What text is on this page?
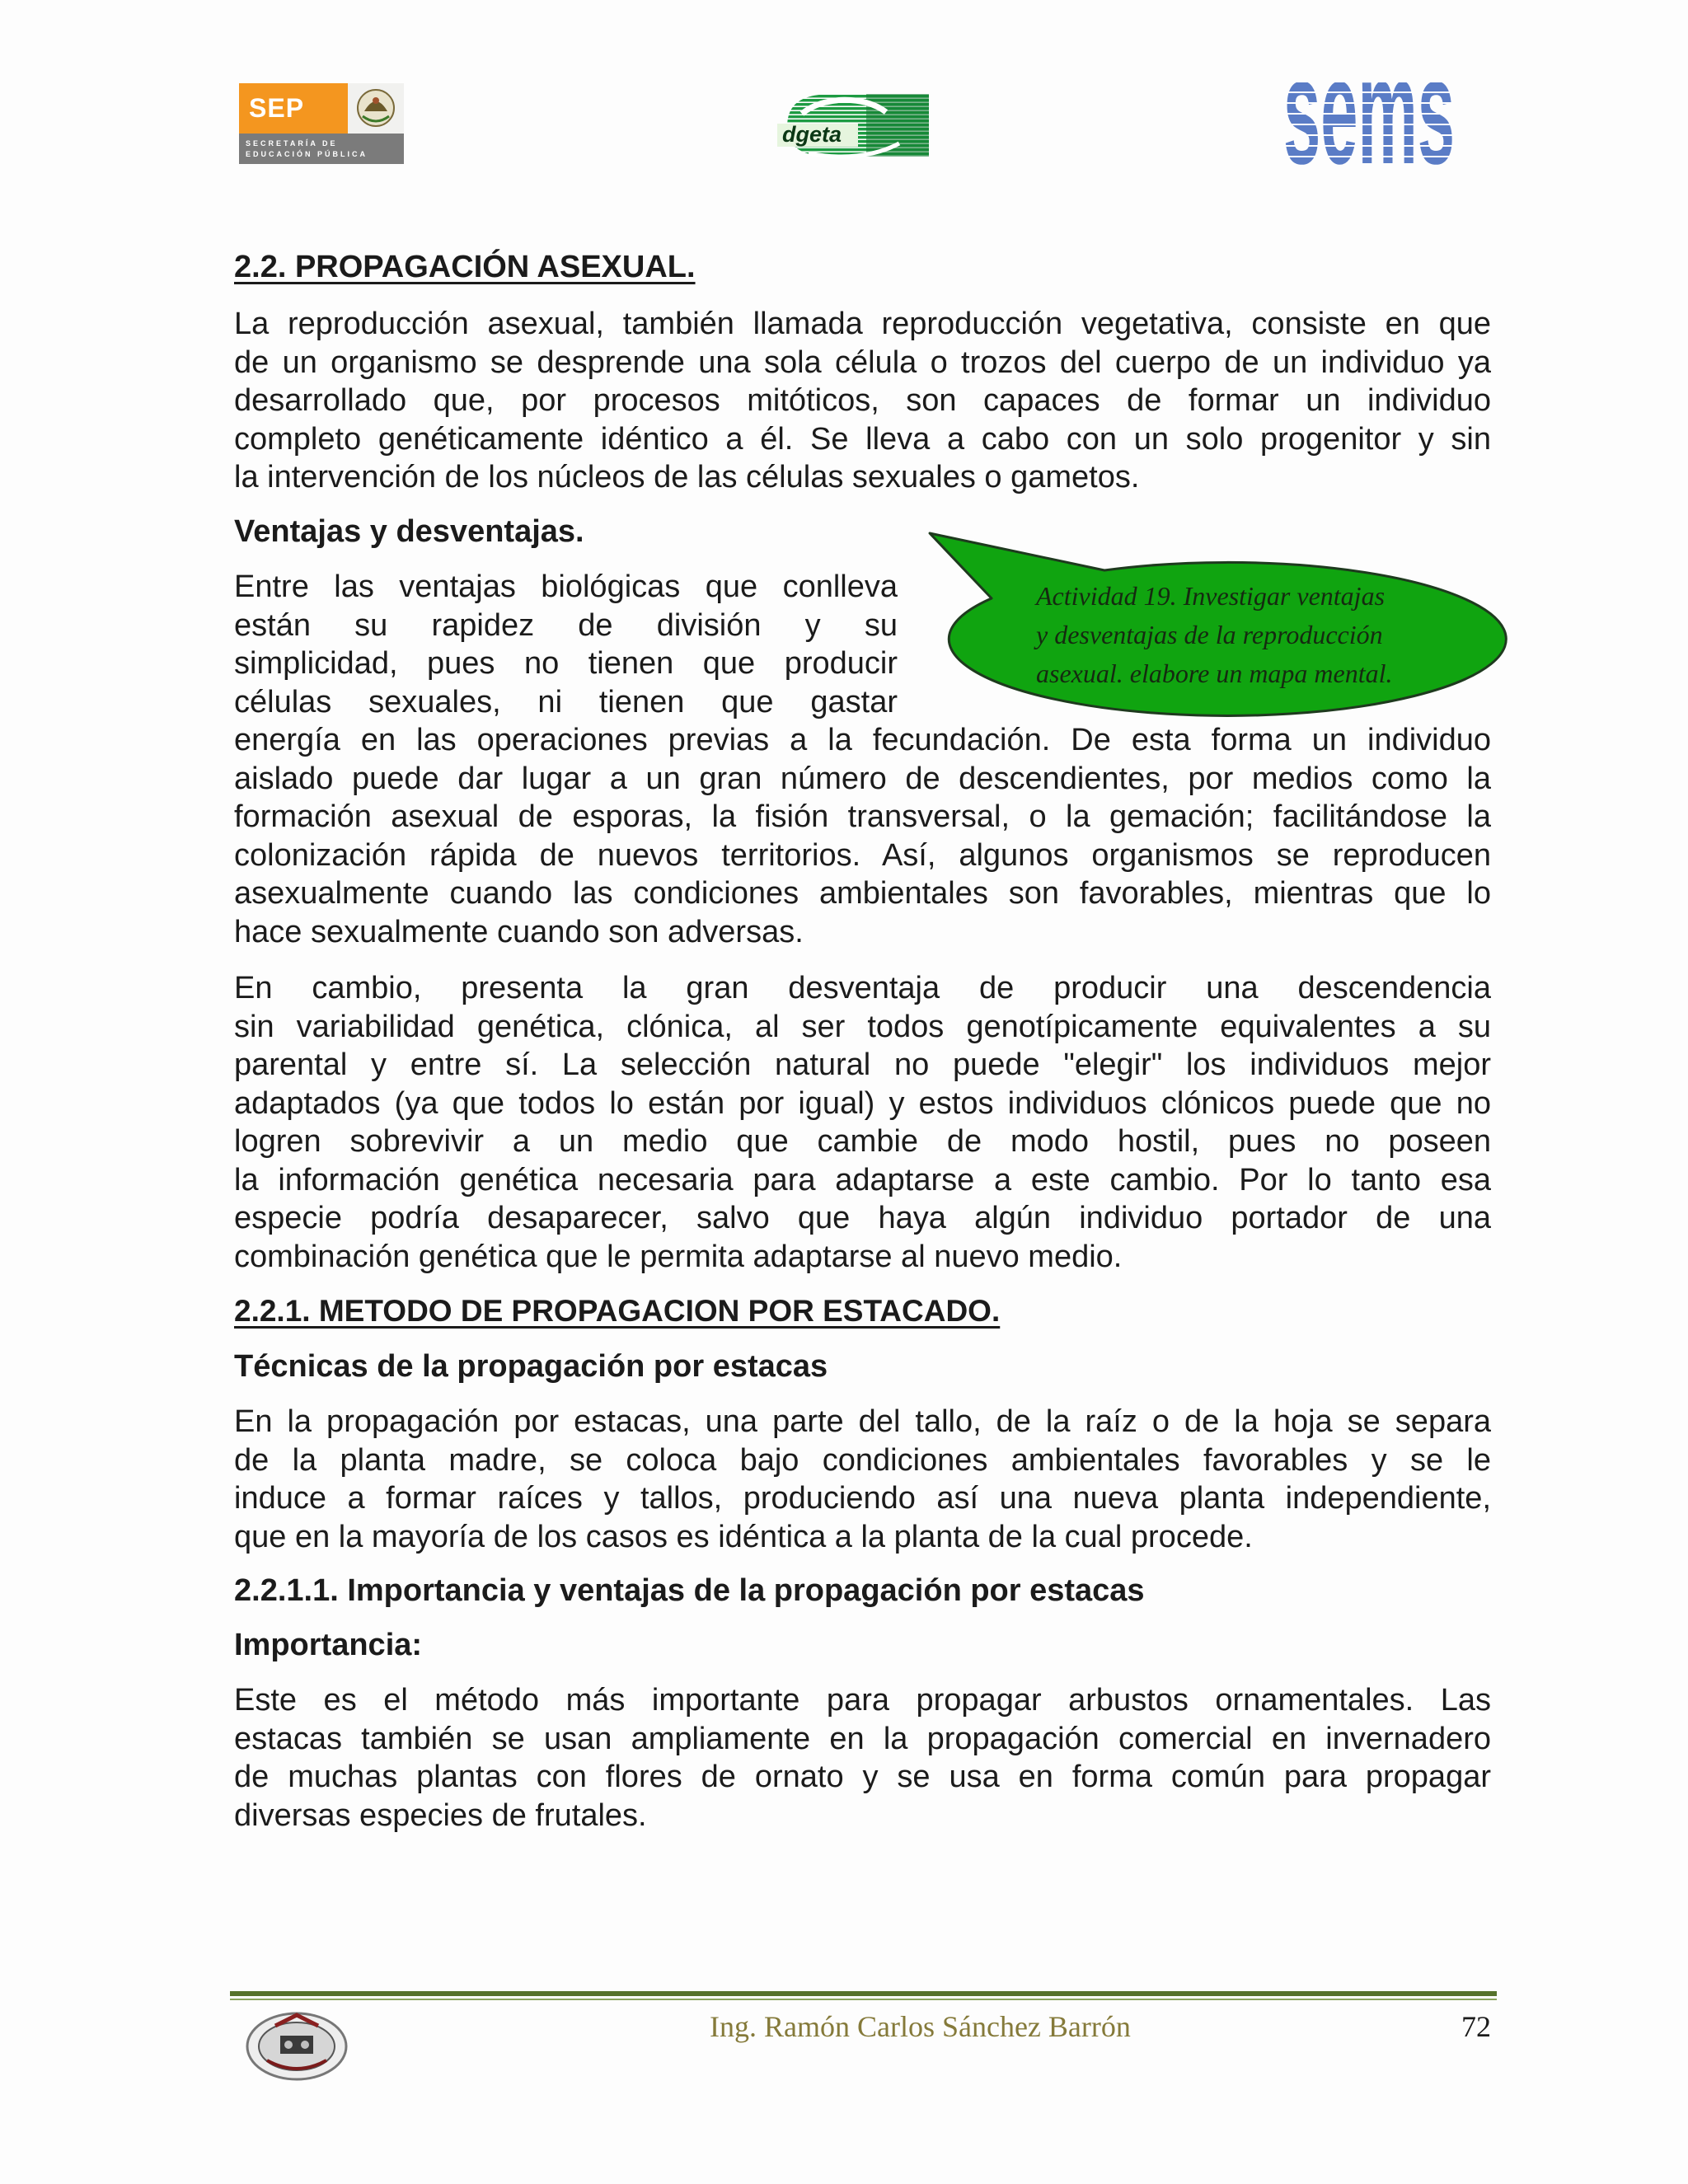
SEP
SECRETARÍA DE
EDUCACIÓN PÚBLICA
dgeta	sems
2.2. PROPAGACIÓN ASEXUAL.
La reproducción asexual, también llamada reproducción vegetativa, consiste en que
de un organismo se desprende una sola célula o trozos del cuerpo de un individuo ya
desarrollado que, por procesos mitóticos, son capaces de formar un individuo
completo genéticamente idéntico a él. Se lleva a cabo con un solo progenitor y sin
la intervención de los núcleos de las células sexuales o gametos.
Ventajas y desventajas.
Entre las ventajas biológicas que conlleva
están su rapidez de división y su
simplicidad, pues no tienen que producir
células sexuales, ni tienen que gastar
energía en las operaciones previas a la fecundación. De esta forma un individuo
aislado puede dar lugar a un gran número de descendientes, por medios como la
formación asexual de esporas, la fisión transversal, o la gemación; facilitándose la
colonización rápida de nuevos territorios. Así, algunos organismos se reproducen
asexualmente cuando las condiciones ambientales son favorables, mientras que lo
hace sexualmente cuando son adversas.
Actividad 19. Investigar ventajas
y desventajas de la reproducción
asexual. elabore un mapa mental.
En cambio, presenta la gran desventaja de producir una descendencia
sin variabilidad genética, clónica, al ser todos genotípicamente equivalentes a su
parental y entre sí. La selección natural no puede "elegir" los individuos mejor
adaptados (ya que todos lo están por igual) y estos individuos clónicos puede que no
logren sobrevivir a un medio que cambie de modo hostil, pues no poseen
la información genética necesaria para adaptarse a este cambio. Por lo tanto esa
especie podría desaparecer, salvo que haya algún individuo portador de una
combinación genética que le permita adaptarse al nuevo medio.
2.2.1. METODO DE PROPAGACION POR ESTACADO.
Técnicas de la propagación por estacas
En la propagación por estacas, una parte del tallo, de la raíz o de la hoja se separa
de la planta madre, se coloca bajo condiciones ambientales favorables y se le
induce a formar raíces y tallos, produciendo así una nueva planta independiente,
que en la mayoría de los casos es idéntica a la planta de la cual procede.
2.2.1.1. Importancia y ventajas de la propagación por estacas
Importancia:
Este es el método más importante para propagar arbustos ornamentales. Las
estacas también se usan ampliamente en la propagación comercial en invernadero
de muchas plantas con flores de ornato y se usa en forma común para propagar
diversas especies de frutales.
Ing. Ramón Carlos Sánchez Barrón	72
